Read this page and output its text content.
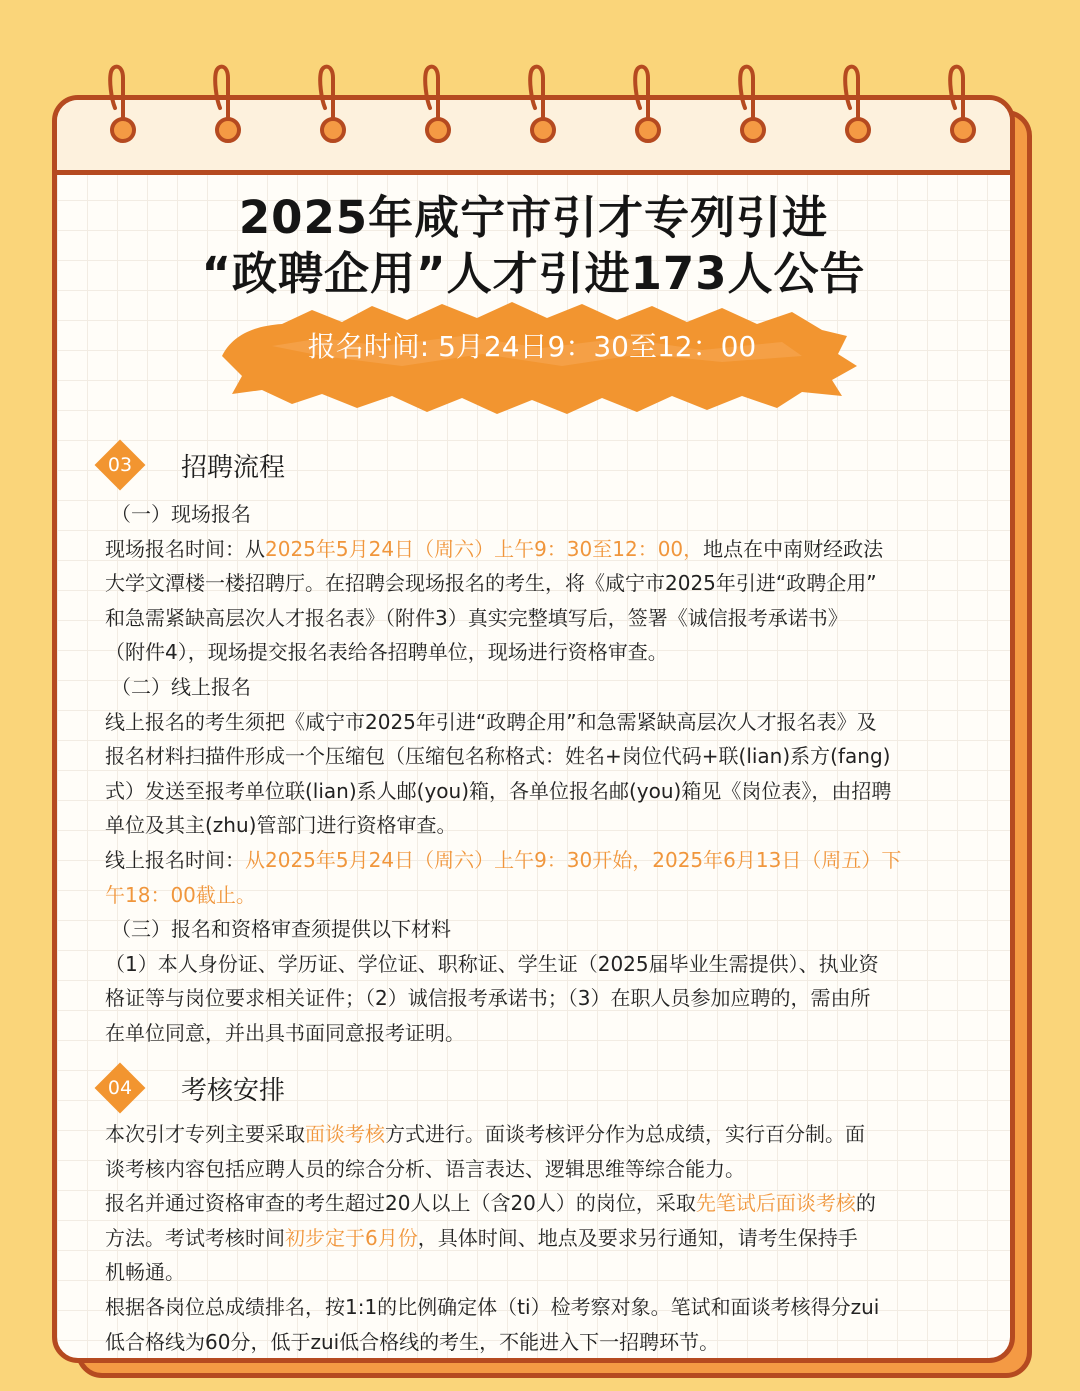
2025年咸宁市引才专列引进
“政聘企用”人才引进173人公告
报名时间: 5月24日9：30至12：00
03	招聘流程

（一）现场报名

现场报名时间：从2025年5月24日（周六）上午9：30至12：00，地点在中南财经政法

大学文潭楼一楼招聘厅。在招聘会现场报名的考生，将《咸宁市2025年引进“政聘企用”

和急需紧缺高层次人才报名表》（附件3）真实完整填写后，签署《诚信报考承诺书》

（附件4），现场提交报名表给各招聘单位，现场进行资格审查。

（二）线上报名

线上报名的考生须把《咸宁市2025年引进“政聘企用”和急需紧缺高层次人才报名表》及

报名材料扫描件形成一个压缩包（压缩包名称格式：姓名+岗位代码+联(lian)系方(fang)

式）发送至报考单位联(lian)系人邮(you)箱，各单位报名邮(you)箱见《岗位表》，由招聘

单位及其主(zhu)管部门进行资格审查。

线上报名时间：从2025年5月24日（周六）上午9：30开始，2025年6月13日（周五）下

午18：00截止。

（三）报名和资格审查须提供以下材料

（1）本人身份证、学历证、学位证、职称证、学生证（2025届毕业生需提供）、执业资

格证等与岗位要求相关证件；（2）诚信报考承诺书；（3）在职人员参加应聘的，需由所

在单位同意，并出具书面同意报考证明。

04	考核安排

本次引才专列主要采取面谈考核方式进行。面谈考核评分作为总成绩，实行百分制。面

谈考核内容包括应聘人员的综合分析、语言表达、逻辑思维等综合能力。

报名并通过资格审查的考生超过20人以上（含20人）的岗位，采取先笔试后面谈考核的

方法。考试考核时间初步定于6月份，具体时间、地点及要求另行通知，请考生保持手

机畅通。

根据各岗位总成绩排名，按1:1的比例确定体（ti）检考察对象。笔试和面谈考核得分zui

低合格线为60分，低于zui低合格线的考生，不能进入下一招聘环节。
